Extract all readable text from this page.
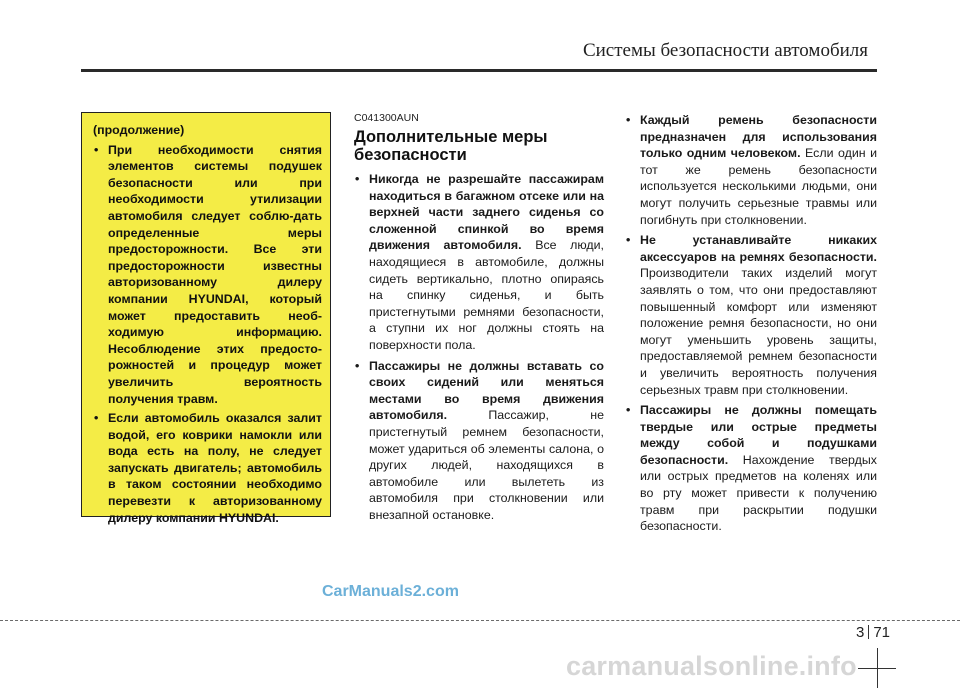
Системы безопасности автомобиля
(продолжение)
• При необходимости снятия элементов системы подушек безопасности или при необходимости утилизации автомобиля следует соблю-дать определенные меры предосторожности. Все эти предосторожности известны авторизованному дилеру компании HYUNDAI, который может предоставить необ-ходимую информацию. Несоблюдение этих предосто-рожностей и процедур может увеличить вероятность получения травм.
• Если автомобиль оказался залит водой, его коврики намокли или вода есть на полу, не следует запускать двигатель; автомобиль в таком состоянии необходимо перевезти к авторизованному дилеру компании HYUNDAI.
C041300AUN
Дополнительные меры безопасности
• Никогда не разрешайте пассажирам находиться в багажном отсеке или на верхней части заднего сиденья со сложенной спинкой во время движения автомобиля. Все люди, находящиеся в автомобиле, должны сидеть вертикально, плотно опираясь на спинку сиденья, и быть пристегнутыми ремнями безопасности, а ступни их ног должны стоять на поверхности пола.
• Пассажиры не должны вставать со своих сидений или меняться местами во время движения автомобиля. Пассажир, не пристегнутый ремнем безопасности, может удариться об элементы салона, о других людей, находящихся в автомобиле или вылететь из автомобиля при столкновении или внезапной остановке.
• Каждый ремень безопасности предназначен для использования только одним человеком. Если один и тот же ремень безопасности используется несколькими людьми, они могут получить серьезные травмы или погибнуть при столкновении.
• Не устанавливайте никаких аксессуаров на ремнях безопасности. Производители таких изделий могут заявлять о том, что они предоставляют повышенный комфорт или изменяют положение ремня безопасности, но они могут уменьшить уровень защиты, предоставляемой ремнем безопасности и увеличить вероятность получения серьезных травм при столкновении.
• Пассажиры не должны помещать твердые или острые предметы между собой и подушками безопасности. Нахождение твердых или острых предметов на коленях или во рту может привести к получению травм при раскрытии подушки безопасности.
CarManuals2.com
3 71
carmanualsonline.info
